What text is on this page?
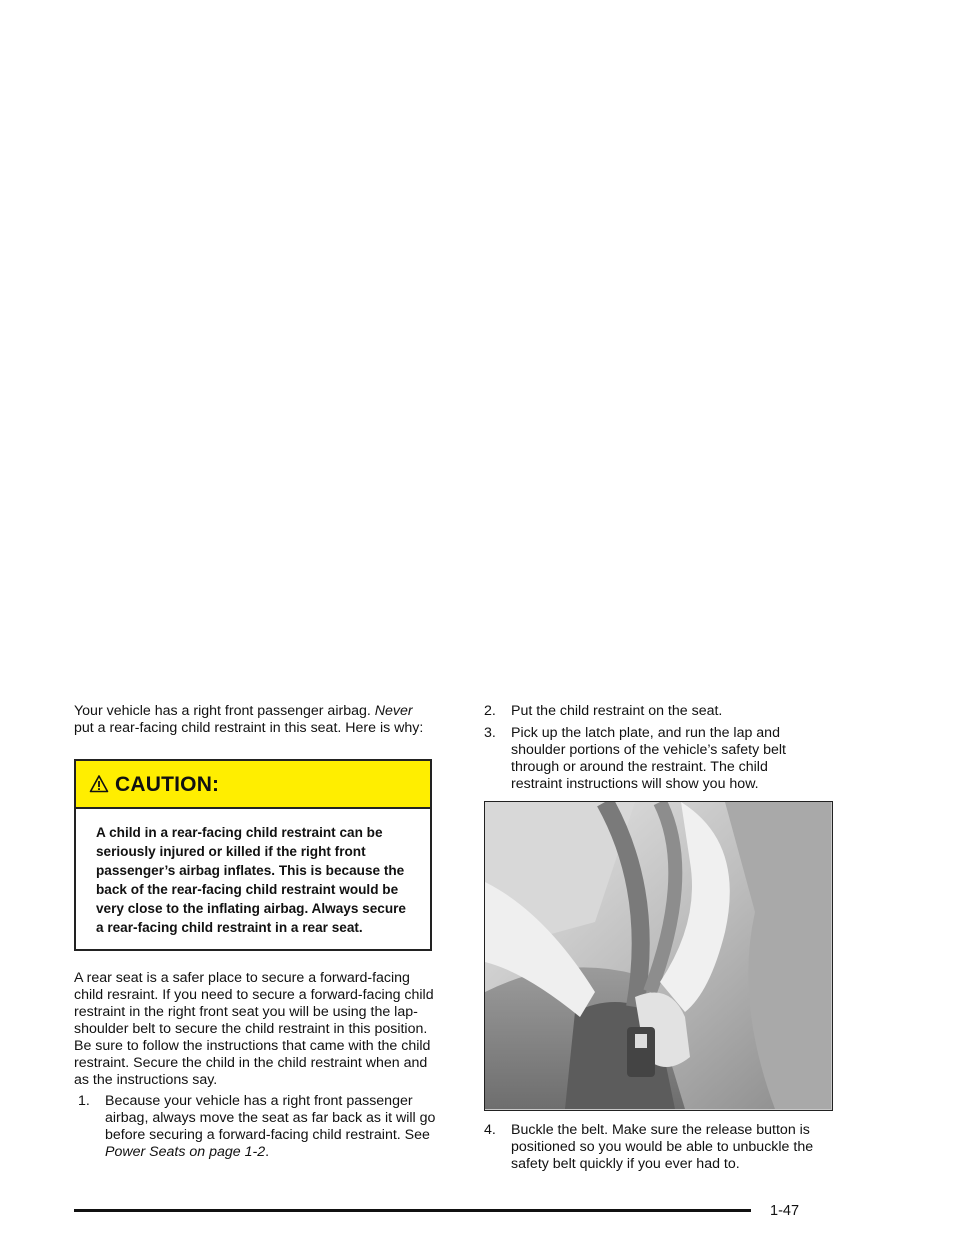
Your vehicle has a right front passenger airbag. Never put a rear-facing child restraint in this seat. Here is why:

CAUTION:
A child in a rear-facing child restraint can be seriously injured or killed if the right front passenger’s airbag inflates. This is because the back of the rear-facing child restraint would be very close to the inflating airbag. Always secure a rear-facing child restraint in a rear seat.

A rear seat is a safer place to secure a forward-facing child resraint. If you need to secure a forward-facing child restraint in the right front seat you will be using the lap-shoulder belt to secure the child restraint in this position. Be sure to follow the instructions that came with the child restraint. Secure the child in the child restraint when and as the instructions say.

1.	Because your vehicle has a right front passenger airbag, always move the seat as far back as it will go before securing a forward-facing child restraint. See Power Seats on page 1-2.
2.	Put the child restraint on the seat.
3.	Pick up the latch plate, and run the lap and shoulder portions of the vehicle’s safety belt through or around the restraint. The child restraint instructions will show you how.
4.	Buckle the belt. Make sure the release button is positioned so you would be able to unbuckle the safety belt quickly if you ever had to.
1-47
